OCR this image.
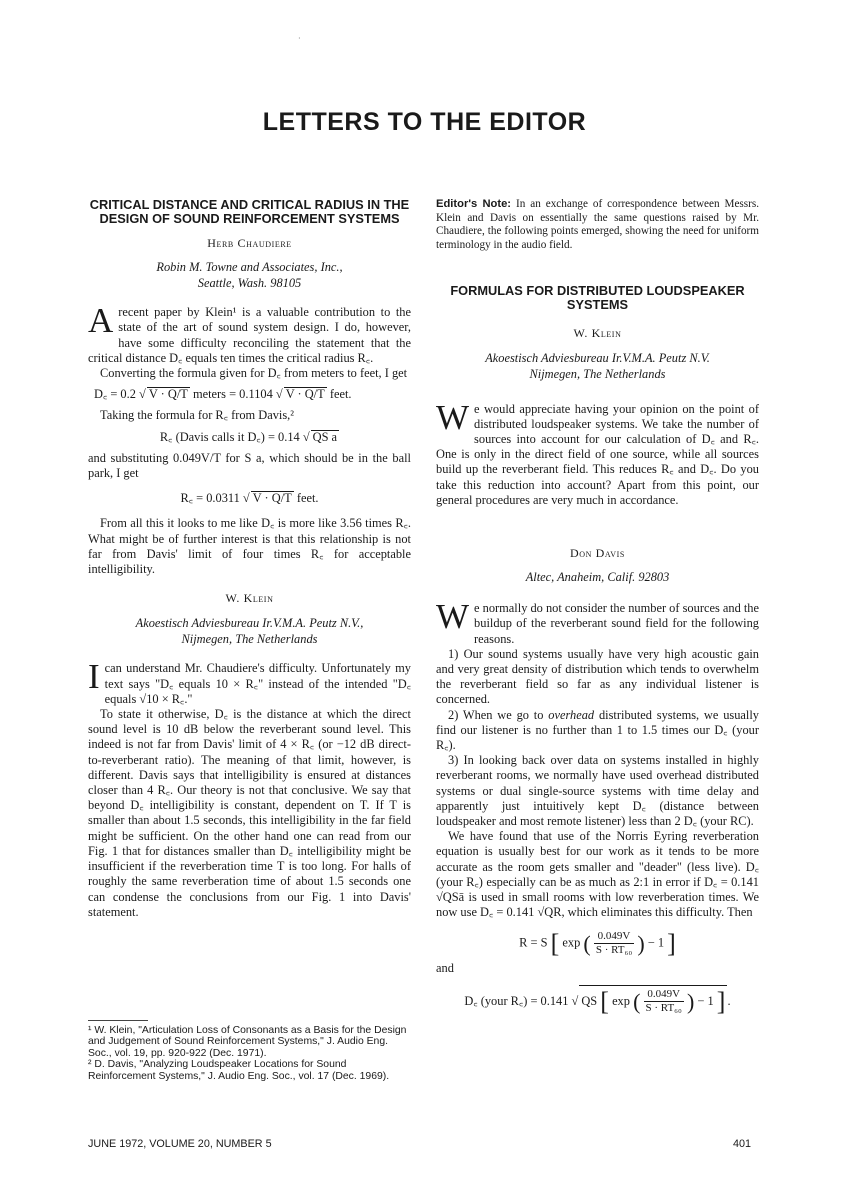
·
LETTERS TO THE EDITOR
CRITICAL DISTANCE AND CRITICAL RADIUS IN THE DESIGN OF SOUND REINFORCEMENT SYSTEMS

Herb Chaudiere

Robin M. Towne and Associates, Inc.,

Seattle, Wash. 98105

Arecent paper by Klein¹ is a valuable contribution to the state of the art of sound system design. I do, however, have some difficulty reconciling the statement that the critical distance D꜀ equals ten times the critical radius R꜀.

Converting the formula given for D꜀ from meters to feet, I get

D꜀ = 0.2 √ V · Q/T meters = 0.1104 √ V · Q/T feet.

Taking the formula for R꜀ from Davis,²

R꜀ (Davis calls it D꜀) = 0.14 √ QS a

and substituting 0.049V/T for S a, which should be in the ball park, I get

R꜀ = 0.0311 √ V · Q/T feet.

From all this it looks to me like D꜀ is more like 3.56 times R꜀. What might be of further interest is that this relationship is not far from Davis' limit of four times R꜀ for acceptable intelligibility.

W. Klein

Akoestisch Adviesbureau Ir.V.M.A. Peutz N.V.,

Nijmegen, The Netherlands

Ican understand Mr. Chaudiere's difficulty. Unfortunately my text says "D꜀ equals 10 × R꜀" instead of the intended "D꜀ equals √10 × R꜀."

To state it otherwise, D꜀ is the distance at which the direct sound level is 10 dB below the reverberant sound level. This indeed is not far from Davis' limit of 4 × R꜀ (or −12 dB direct-to-reverberant ratio). The meaning of that limit, however, is different. Davis says that intelligibility is ensured at distances closer than 4 R꜀. Our theory is not that conclusive. We say that beyond D꜀ intelligibility is constant, dependent on T. If T is smaller than about 1.5 seconds, this intelligibility in the far field might be sufficient. On the other hand one can read from our Fig. 1 that for distances smaller than D꜀ intelligibility might be insufficient if the reverberation time T is too long. For halls of roughly the same reverberation time of about 1.5 seconds one can condense the conclusions from our Fig. 1 into Davis' statement.

¹ W. Klein, "Articulation Loss of Consonants as a Basis for the Design and Judgement of Sound Reinforcement Systems," J. Audio Eng. Soc., vol. 19, pp. 920-922 (Dec. 1971).

² D. Davis, "Analyzing Loudspeaker Locations for Sound Reinforcement Systems," J. Audio Eng. Soc., vol. 17 (Dec. 1969).

Editor's Note: In an exchange of correspondence between Messrs. Klein and Davis on essentially the same questions raised by Mr. Chaudiere, the following points emerged, showing the need for uniform terminology in the audio field.

FORMULAS FOR DISTRIBUTED LOUDSPEAKER SYSTEMS

W. Klein

Akoestisch Adviesbureau Ir.V.M.A. Peutz N.V.

Nijmegen, The Netherlands

We would appreciate having your opinion on the point of distributed loudspeaker systems. We take the number of sources into account for our calculation of D꜀ and R꜀. One is only in the direct field of one source, while all sources build up the reverberant field. This reduces R꜀ and D꜀. Do you take this reduction into account? Apart from this point, our general procedures are very much in accordance.

Don Davis

Altec, Anaheim, Calif. 92803

We normally do not consider the number of sources and the buildup of the reverberant sound field for the following reasons.

1) Our sound systems usually have very high acoustic gain and very great density of distribution which tends to overwhelm the reverberant field so far as any individual listener is concerned.

2) When we go to overhead distributed systems, we usually find our listener is no further than 1 to 1.5 times our D꜀ (your R꜀).

3) In looking back over data on systems installed in highly reverberant rooms, we normally have used overhead distributed systems or dual single-source systems with time delay and apparently just intuitively kept D꜀ (distance between loudspeaker and most remote listener) less than 2 D꜀ (your RC).

We have found that use of the Norris Eyring reverberation equation is usually best for our work as it tends to be more accurate as the room gets smaller and "deader" (less live). D꜀ (your R꜀) especially can be as much as 2:1 in error if D꜀ = 0.141 √QSā is used in small rooms with low reverberation times. We now use D꜀ = 0.141 √QR, which eliminates this difficulty. Then

R = S [ exp ( $\frac{0.049V}{\text{S · RT₆₀}}$ ) − 1 ]

and

D꜀ (your R꜀) = 0.141 √ QS [ exp ( $\frac{0.049V}{\text{S · RT₆₀}}$ ) − 1 ] .
JUNE 1972, VOLUME 20, NUMBER 5	401
